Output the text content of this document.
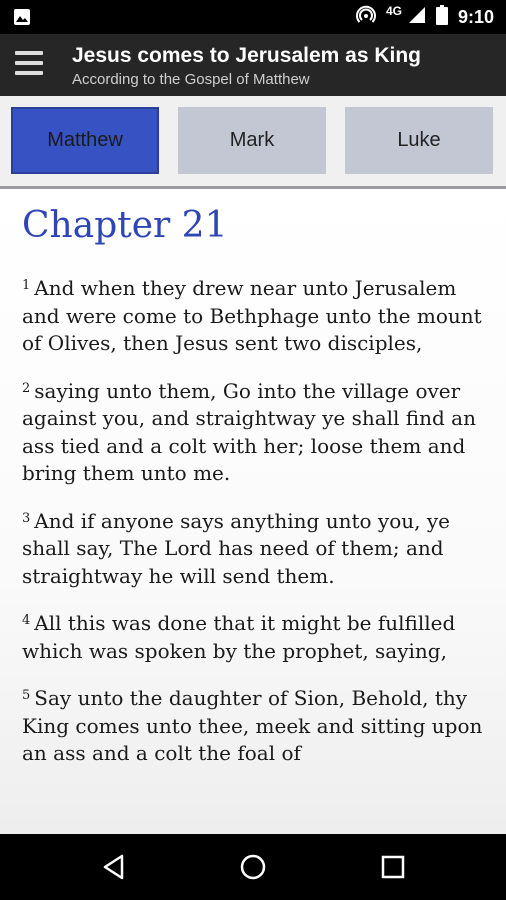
4G	9:10
Jesus comes to Jerusalem as King
According to the Gospel of Matthew
Matthew	Mark	Luke
Chapter 21

$^1$ And when they drew near unto Jerusalem and were come to Bethphage unto the mount of Olives, then Jesus sent two disciples,

$^2$ saying unto them, Go into the village over against you, and straightway ye shall find an ass tied and a colt with her; loose them and bring them unto me.

$^3$ And if anyone says anything unto you, ye shall say, The Lord has need of them; and straightway he will send them.

$^4$ All this was done that it might be fulfilled which was spoken by the prophet, saying,

$^5$ Say unto the daughter of Sion, Behold, thy King comes unto thee, meek and sitting upon an ass and a colt the foal of
